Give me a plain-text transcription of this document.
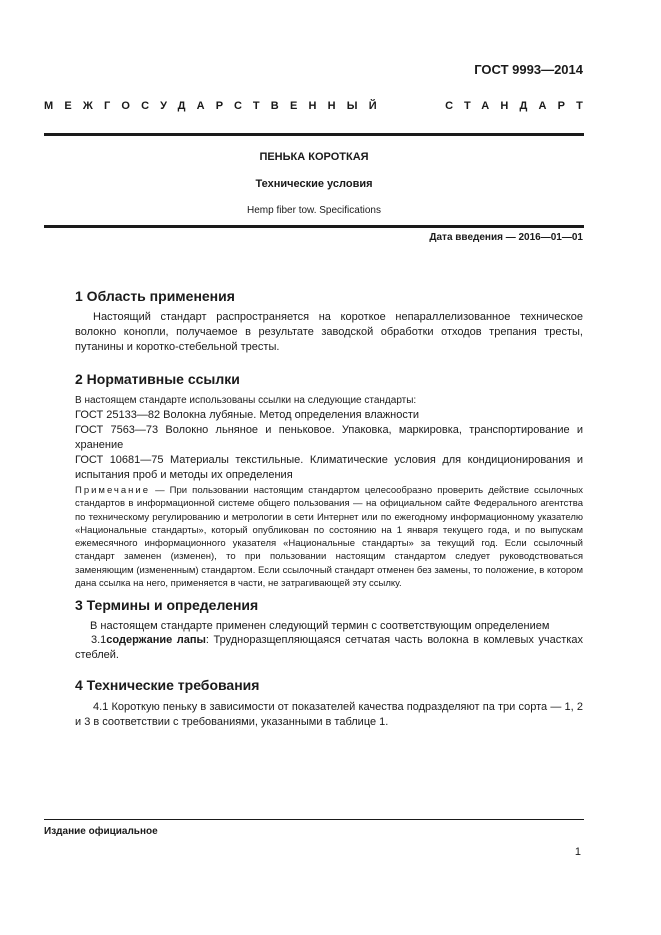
ГОСТ 9993—2014
МЕЖГОСУДАРСТВЕННЫЙ	СТАНДАРТ
ПЕНЬКА КОРОТКАЯ
Технические условия
Hemp fiber tow. Specifications
Дата введения — 2016—01—01
1 Область применения
Настоящий стандарт распространяется на короткое непараллелизованное техническое волокно конопли, получаемое в результате заводской обработки отходов трепания тресты, путанины и коротко-стебельной тресты.
2 Нормативные ссылки
В настоящем стандарте использованы ссылки на следующие стандарты:
ГОСТ 25133—82 Волокна лубяные. Метод определения влажности
ГОСТ 7563—73 Волокно льняное и пеньковое. Упаковка, маркировка, транспортирование и хранение
ГОСТ 10681—75 Материалы текстильные. Климатические условия для кондиционирования и испытания проб и методы их определения
Примечание — При пользовании настоящим стандартом целесообразно проверить действие ссылочных стандартов в информационной системе общего пользования — на официальном сайте Федерального агентства по техническому регулированию и метрологии в сети Интернет или по ежегодному информационному указателю «Национальные стандарты», который опубликован по состоянию на 1 января текущего года, и по выпускам ежемесячного информационного указателя «Национальные стандарты» за текущий год. Если ссылочный стандарт заменен (изменен), то при пользовании настоящим стандартом следует руководствоваться заменяющим (измененным) стандартом. Если ссылочный стандарт отменен без замены, то положение, в котором дана ссылка на него, применяется в части, не затрагивающей эту ссылку.
3 Термины и определения
В настоящем стандарте применен следующий термин с соответствующим определением
3.1содержание лапы: Трудноразщепляющаяся сетчатая часть волокна в комлевых участках стеблей.
4 Технические требования
4.1 Короткую пеньку в зависимости от показателей качества подразделяют па три сорта — 1, 2 и 3 в соответствии с требованиями, указанными в таблице 1.
Издание официальное
1
